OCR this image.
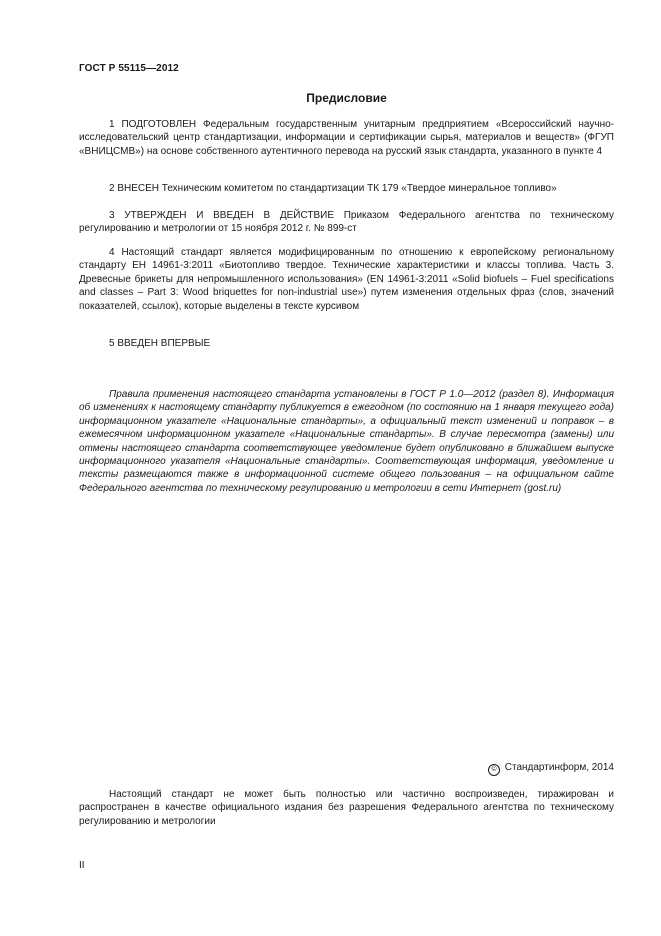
ГОСТ Р 55115—2012
Предисловие

1 ПОДГОТОВЛЕН Федеральным государственным унитарным предприятием «Всероссийский научно-исследовательский центр стандартизации, информации и сертификации сырья, материалов и веществ» (ФГУП «ВНИЦСМВ») на основе собственного аутентичного перевода на русский язык стандарта, указанного в пункте 4

2 ВНЕСЕН Техническим комитетом по стандартизации ТК 179 «Твердое минеральное топливо»

3 УТВЕРЖДЕН И ВВЕДЕН В ДЕЙСТВИЕ Приказом Федерального агентства по техническому регулированию и метрологии от 15 ноября 2012 г. № 899-ст

4 Настоящий стандарт является модифицированным по отношению к европейскому региональному стандарту ЕН 14961-3:2011 «Биотопливо твердое. Технические характеристики и классы топлива. Часть 3. Древесные брикеты для непромышленного использования» (EN 14961-3:2011 «Solid biofuels – Fuel specifications and classes – Part 3: Wood briquettes for non-industrial use») путем изменения отдельных фраз (слов, значений показателей, ссылок), которые выделены в тексте курсивом

5 ВВЕДЕН ВПЕРВЫЕ

Правила применения настоящего стандарта установлены в ГОСТ Р 1.0—2012 (раздел 8). Информация об изменениях к настоящему стандарту публикуется в ежегодном (по состоянию на 1 января текущего года) информационном указателе «Национальные стандарты», а официальный текст изменений и поправок – в ежемесячном информационном указателе «Национальные стандарты». В случае пересмотра (замены) или отмены настоящего стандарта соответствующее уведомление будет опубликовано в ближайшем выпуске информационного указателя «Национальные стандарты». Соответствующая информация, уведомление и тексты размещаются также в информационной системе общего пользования – на официальном сайте Федерального агентства по техническому регулированию и метрологии в сети Интернет (gost.ru)

© Стандартинформ, 2014

Настоящий стандарт не может быть полностью или частично воспроизведен, тиражирован и распространен в качестве официального издания без разрешения Федерального агентства по техническому регулированию и метрологии

II
